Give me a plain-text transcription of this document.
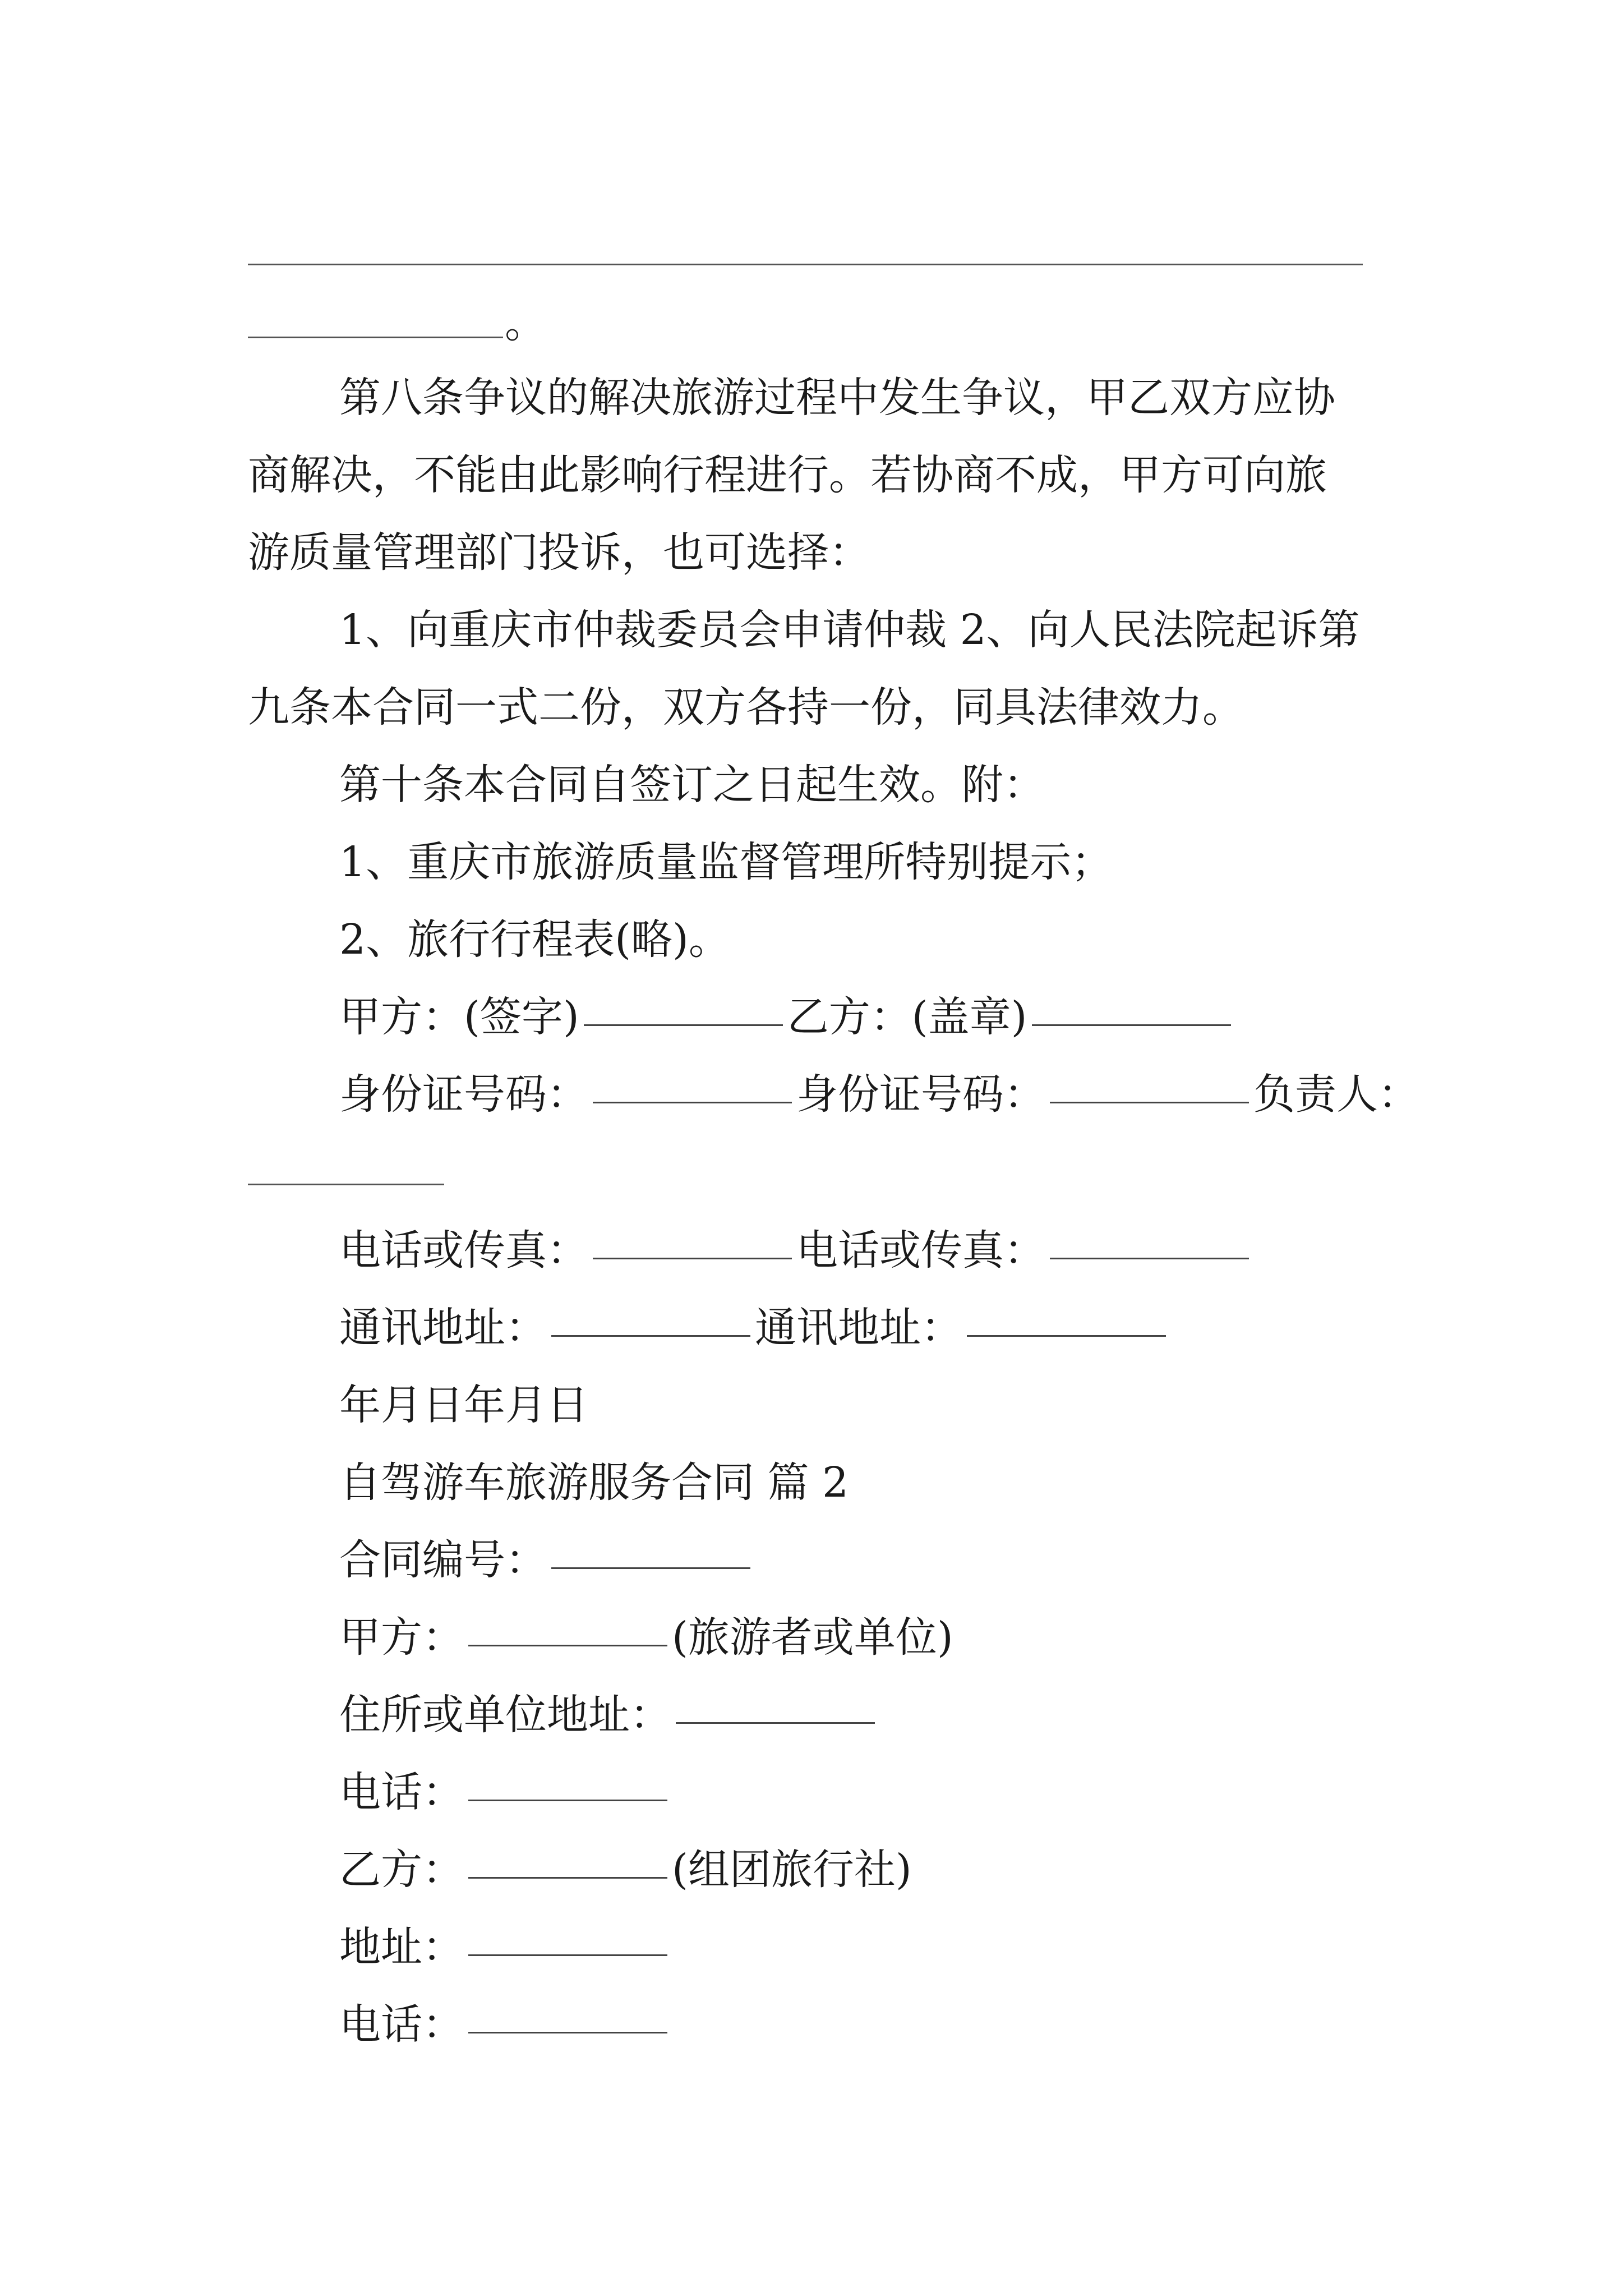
。
第八条争议的解决旅游过程中发生争议，甲乙双方应协
商解决，不能由此影响行程进行。若协商不成，甲方可向旅
游质量管理部门投诉，也可选择：
1、向重庆市仲裁委员会申请仲裁 2、向人民法院起诉第
九条本合同一式二份，双方各持一份，同具法律效力。
第十条本合同自签订之日起生效。附：
1、重庆市旅游质量监督管理所特别提示；
2、旅行行程表(略)。
甲方：(签字)	乙方：(盖章)
身份证号码：	身份证号码：	负责人：
电话或传真：	电话或传真：
通讯地址：	通讯地址：
年月日年月日
自驾游车旅游服务合同 篇 2
合同编号：
甲方：	(旅游者或单位)
住所或单位地址：
电话：
乙方：	(组团旅行社)
地址：
电话：
